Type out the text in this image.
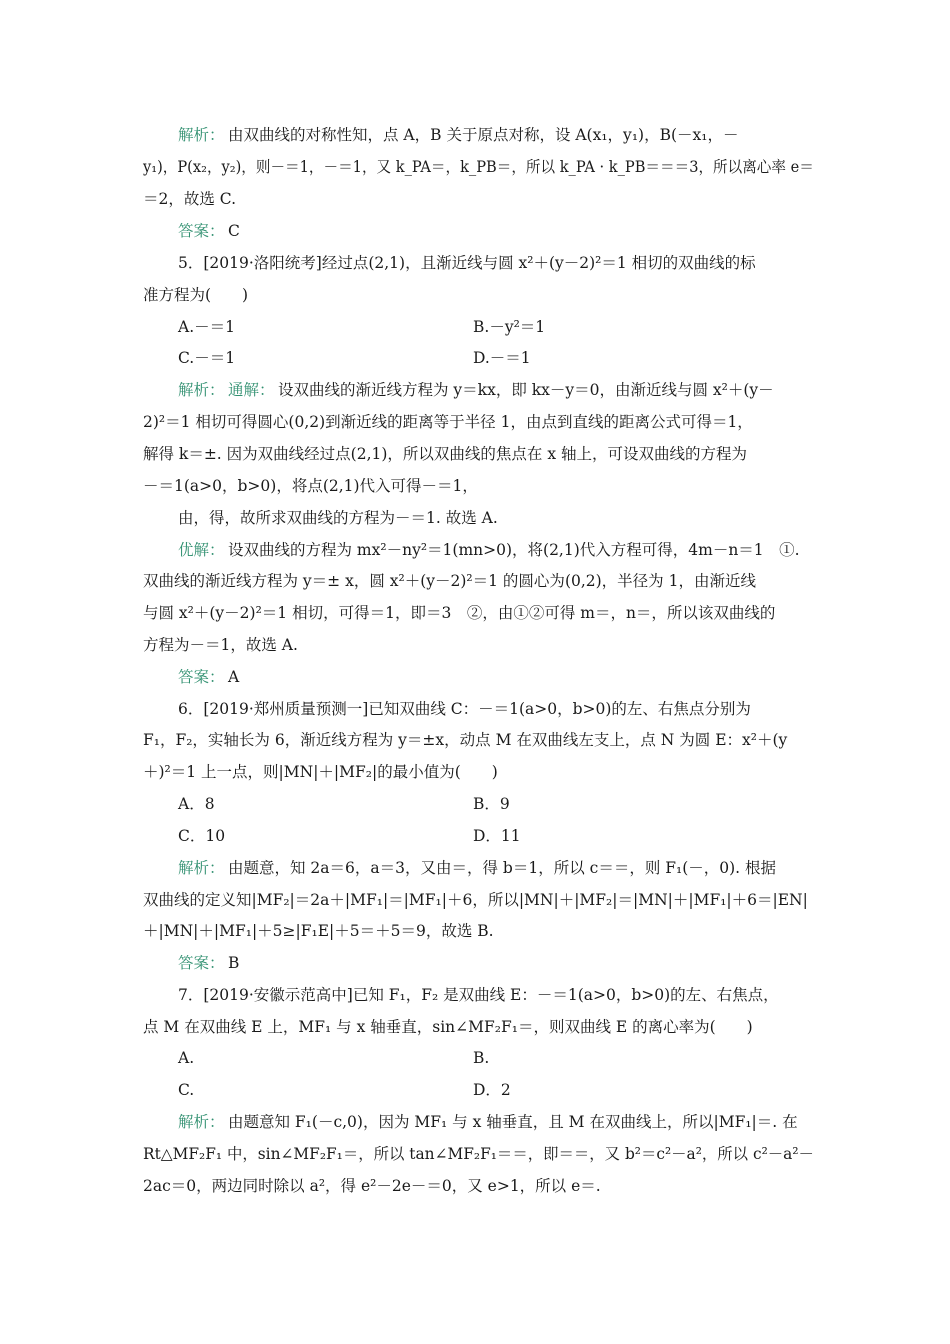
解析： 由双曲线的对称性知，点 A，B 关于原点对称，设 A(x₁，y₁)，B(－x₁，－
y₁)，P(x₂，y₂)，则－＝1，－＝1，又 k_PA＝，k_PB＝，所以 k_PA · k_PB＝＝＝3，所以离心率 e＝
＝2，故选 C.
答案： C
5．[2019·洛阳统考]经过点(2,1)，且渐近线与圆 x²＋(y－2)²＝1 相切的双曲线的标
准方程为(　　)
A.－＝1	B.－y²＝1
C.－＝1	D.－＝1
解析： 通解： 设双曲线的渐近线方程为 y＝kx，即 kx－y＝0，由渐近线与圆 x²＋(y－
2)²＝1 相切可得圆心(0,2)到渐近线的距离等于半径 1，由点到直线的距离公式可得＝1，
解得 k＝±. 因为双曲线经过点(2,1)，所以双曲线的焦点在 x 轴上，可设双曲线的方程为
－＝1(a>0，b>0)，将点(2,1)代入可得－＝1，
由，得，故所求双曲线的方程为－＝1. 故选 A.
优解： 设双曲线的方程为 mx²－ny²＝1(mn>0)，将(2,1)代入方程可得，4m－n＝1　①.
双曲线的渐近线方程为 y＝± x，圆 x²＋(y－2)²＝1 的圆心为(0,2)，半径为 1，由渐近线
与圆 x²＋(y－2)²＝1 相切，可得＝1，即＝3　②，由①②可得 m＝，n＝，所以该双曲线的
方程为－＝1，故选 A.
答案： A
6．[2019·郑州质量预测一]已知双曲线 C：－＝1(a>0，b>0)的左、右焦点分别为
F₁，F₂，实轴长为 6，渐近线方程为 y＝±x，动点 M 在双曲线左支上，点 N 为圆 E：x²＋(y
＋)²＝1 上一点，则|MN|＋|MF₂|的最小值为(　　)
A．8	B．9
C．10	D．11
解析： 由题意，知 2a＝6，a＝3，又由＝，得 b＝1，所以 c＝＝，则 F₁(－，0). 根据
双曲线的定义知|MF₂|＝2a＋|MF₁|＝|MF₁|＋6，所以|MN|＋|MF₂|＝|MN|＋|MF₁|＋6＝|EN|
＋|MN|＋|MF₁|＋5≥|F₁E|＋5＝＋5＝9，故选 B.
答案： B
7．[2019·安徽示范高中]已知 F₁，F₂ 是双曲线 E：－＝1(a>0，b>0)的左、右焦点，
点 M 在双曲线 E 上，MF₁ 与 x 轴垂直，sin∠MF₂F₁＝，则双曲线 E 的离心率为(　　)
A.	B.
C.	D．2
解析： 由题意知 F₁(－c,0)，因为 MF₁ 与 x 轴垂直，且 M 在双曲线上，所以|MF₁|＝. 在
Rt△MF₂F₁ 中，sin∠MF₂F₁＝，所以 tan∠MF₂F₁＝＝，即＝＝，又 b²＝c²－a²，所以 c²－a²－
2ac＝0，两边同时除以 a²，得 e²－2e－＝0，又 e>1，所以 e＝.
